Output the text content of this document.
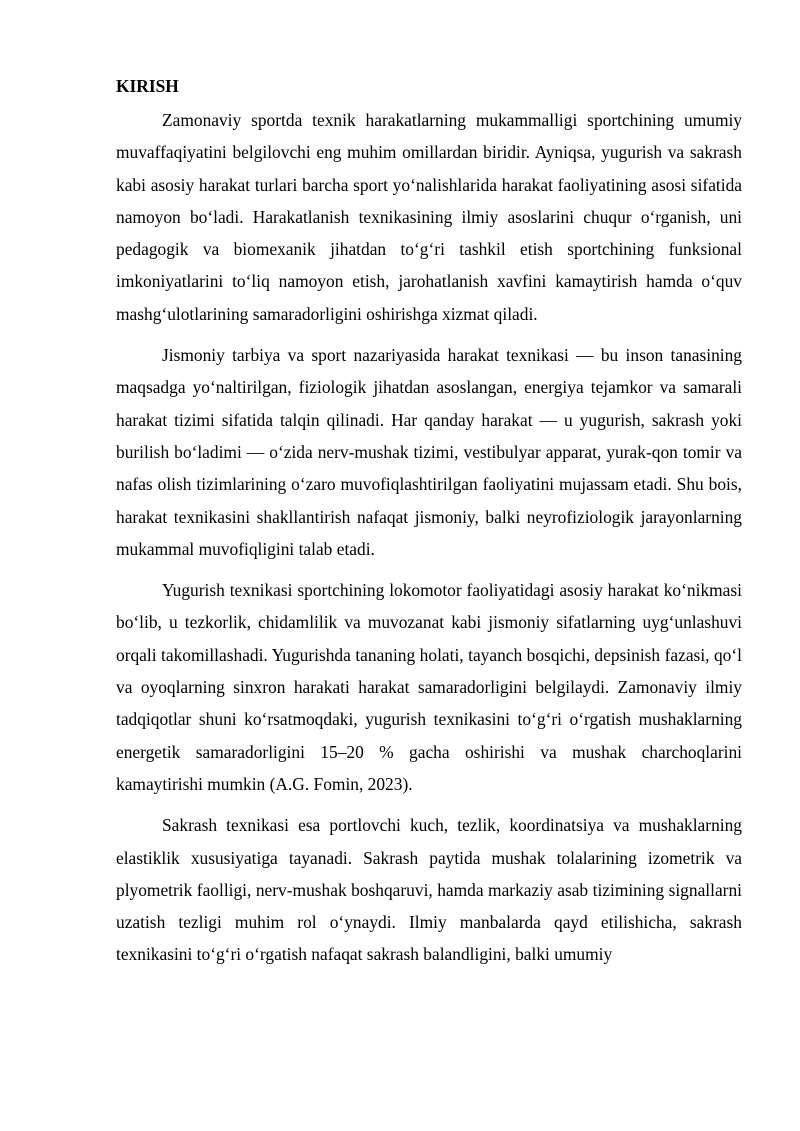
KIRISH

Zamonaviy sportda texnik harakatlarning mukammalligi sportchining umumiy muvaffaqiyatini belgilovchi eng muhim omillardan biridir. Ayniqsa, yugurish va sakrash kabi asosiy harakat turlari barcha sport yo‘nalishlarida harakat faoliyatining asosi sifatida namoyon bo‘ladi. Harakatlanish texnikasining ilmiy asoslarini chuqur o‘rganish, uni pedagogik va biomexanik jihatdan to‘g‘ri tashkil etish sportchining funksional imkoniyatlarini to‘liq namoyon etish, jarohatlanish xavfini kamaytirish hamda o‘quv mashg‘ulotlarining samaradorligini oshirishga xizmat qiladi.

Jismoniy tarbiya va sport nazariyasida harakat texnikasi — bu inson tanasining maqsadga yo‘naltirilgan, fiziologik jihatdan asoslangan, energiya tejamkor va samarali harakat tizimi sifatida talqin qilinadi. Har qanday harakat — u yugurish, sakrash yoki burilish bo‘ladimi — o‘zida nerv-mushak tizimi, vestibulyar apparat, yurak-qon tomir va nafas olish tizimlarining o‘zaro muvofiqlashtirilgan faoliyatini mujassam etadi. Shu bois, harakat texnikasini shakllantirish nafaqat jismoniy, balki neyrofiziologik jarayonlarning mukammal muvofiqligini talab etadi.

Yugurish texnikasi sportchining lokomotor faoliyatidagi asosiy harakat ko‘nikmasi bo‘lib, u tezkorlik, chidamlilik va muvozanat kabi jismoniy sifatlarning uyg‘unlashuvi orqali takomillashadi. Yugurishda tananing holati, tayanch bosqichi, depsinish fazasi, qo‘l va oyoqlarning sinxron harakati harakat samaradorligini belgilaydi. Zamonaviy ilmiy tadqiqotlar shuni ko‘rsatmoqdaki, yugurish texnikasini to‘g‘ri o‘rgatish mushaklarning energetik samaradorligini 15–20 % gacha oshirishi va mushak charchoqlarini kamaytirishi mumkin (A.G. Fomin, 2023).

Sakrash texnikasi esa portlovchi kuch, tezlik, koordinatsiya va mushaklarning elastiklik xususiyatiga tayanadi. Sakrash paytida mushak tolalarining izometrik va plyometrik faolligi, nerv-mushak boshqaruvi, hamda markaziy asab tizimining signallarni uzatish tezligi muhim rol o‘ynaydi. Ilmiy manbalarda qayd etilishicha, sakrash texnikasini to‘g‘ri o‘rgatish nafaqat sakrash balandligini, balki umumiy
